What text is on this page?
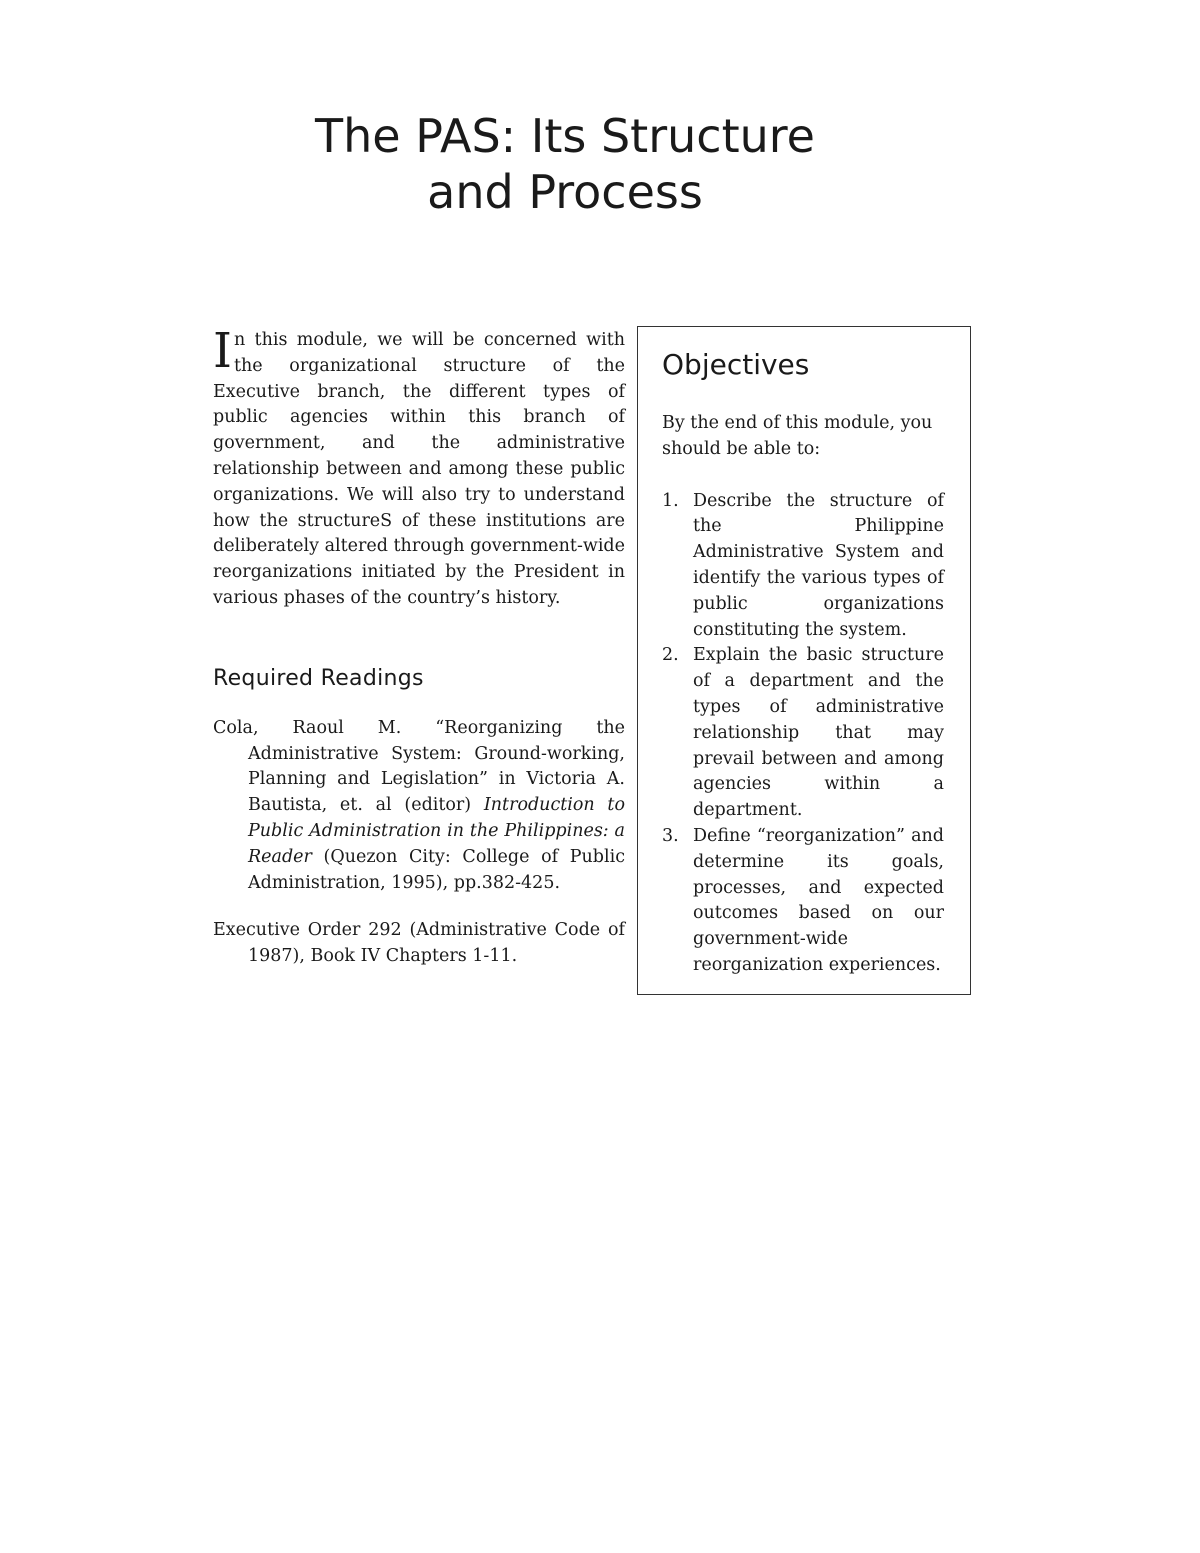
The PAS: Its Structure
and Process

In this module, we will be concerned with the organizational structure of the Executive branch, the different types of public agencies within this branch of government, and the administrative relationship between and among these public organizations. We will also try to understand how the structureS of these institutions are deliberately altered through government-wide reorganizations initiated by the President in various phases of the country’s history.

Required Readings

Cola, Raoul M. “Reorganizing the Administrative System: Ground-working, Planning and Legislation” in Victoria A. Bautista, et. al (editor) Introduction to Public Administration in the Philippines: a Reader (Quezon City: College of Public Administration, 1995), pp.382-425.

Executive Order 292 (Administrative Code of 1987), Book IV Chapters 1-11.

Objectives

By the end of this module, you should be able to:

1. Describe the structure of the Philippine Administrative System and identify the various types of public organizations constituting the system.
2. Explain the basic structure of a department and the types of administrative relationship that may prevail between and among agencies within a department.
3. Define “reorganization” and determine its goals, processes, and expected outcomes based on our government-wide reorganization experiences.
